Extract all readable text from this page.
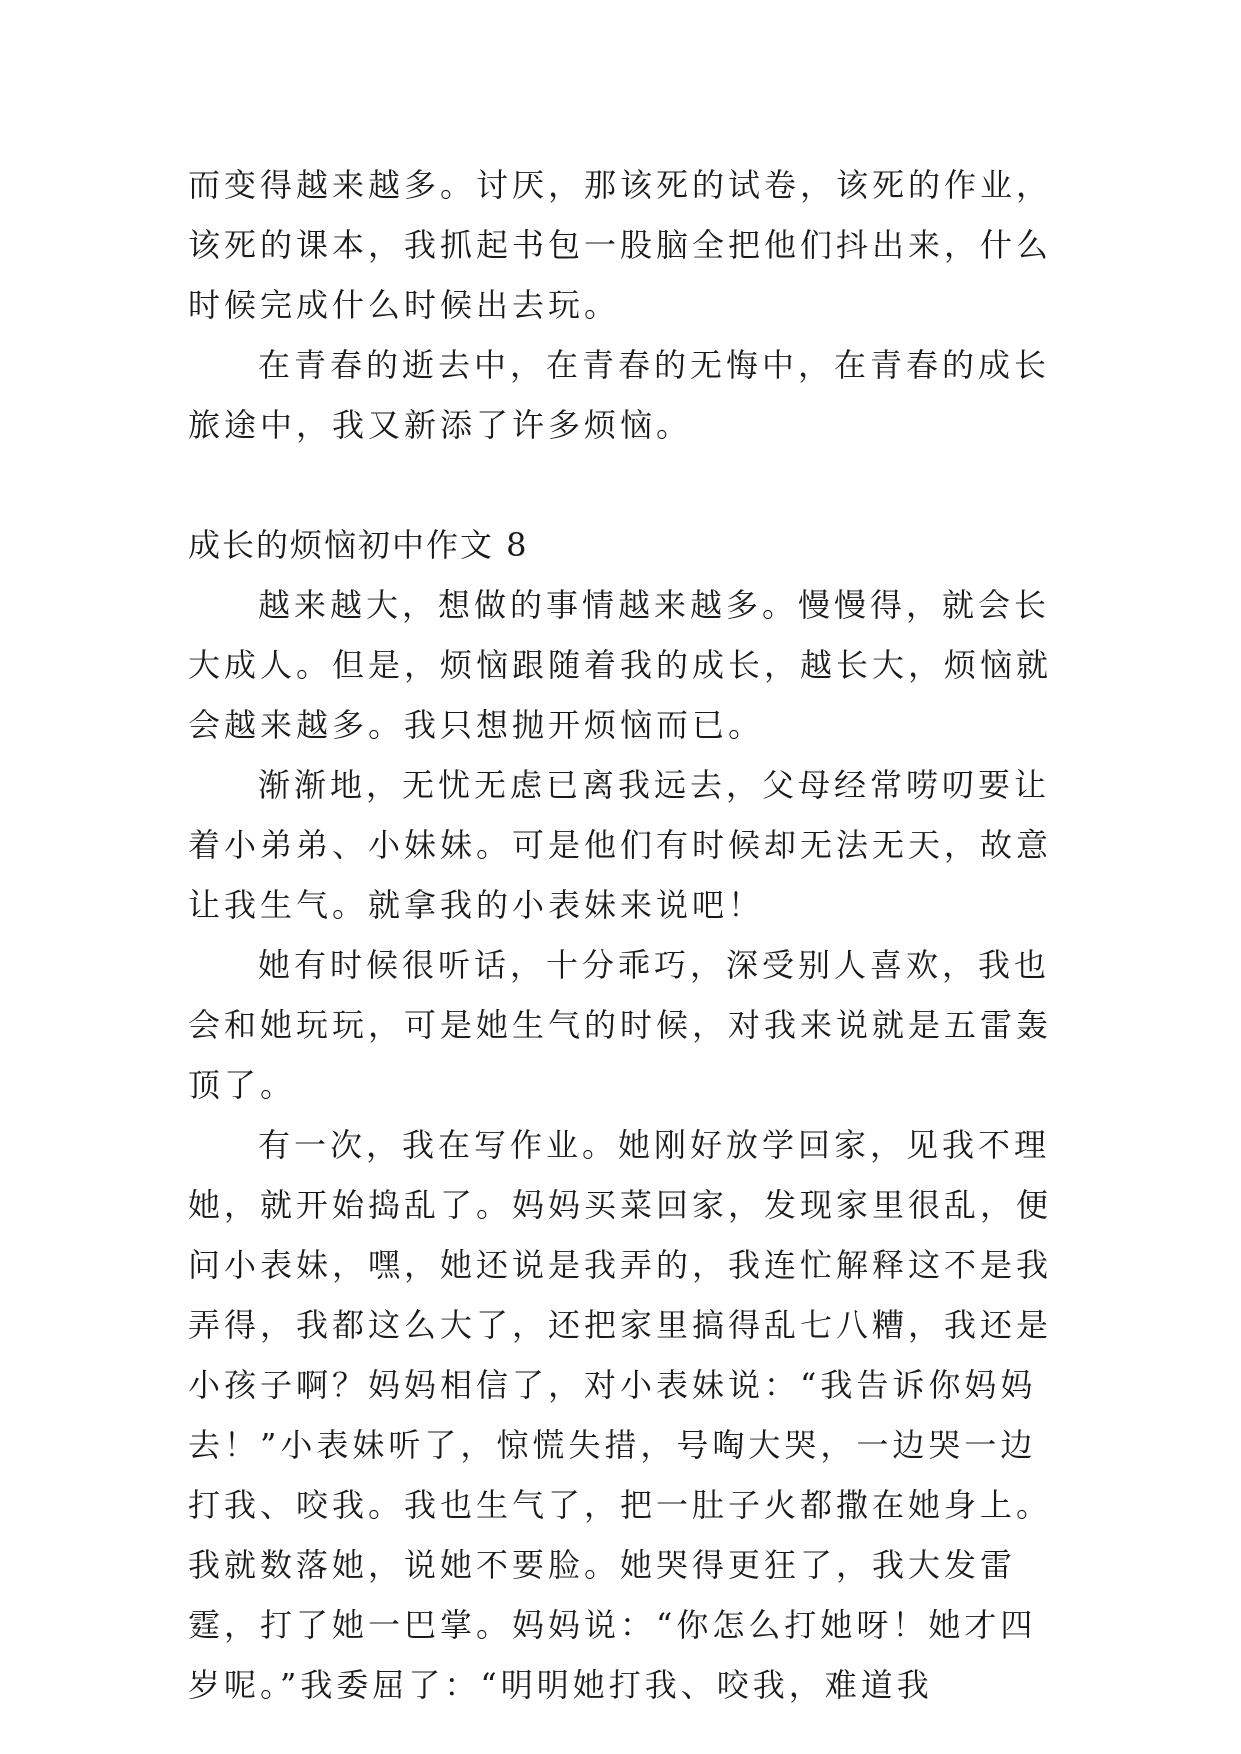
而变得越来越多。讨厌，那该死的试卷，该死的作业，该死的课本，我抓起书包一股脑全把他们抖出来，什么时候完成什么时候出去玩。

在青春的逝去中，在青春的无悔中，在青春的成长旅途中，我又新添了许多烦恼。

成长的烦恼初中作文 8

越来越大，想做的事情越来越多。慢慢得，就会长大成人。但是，烦恼跟随着我的成长，越长大，烦恼就会越来越多。我只想抛开烦恼而已。

渐渐地，无忧无虑已离我远去，父母经常唠叨要让着小弟弟、小妹妹。可是他们有时候却无法无天，故意让我生气。就拿我的小表妹来说吧！

她有时候很听话，十分乖巧，深受别人喜欢，我也会和她玩玩，可是她生气的时候，对我来说就是五雷轰顶了。

有一次，我在写作业。她刚好放学回家，见我不理她，就开始捣乱了。妈妈买菜回家，发现家里很乱，便问小表妹，嘿，她还说是我弄的，我连忙解释这不是我弄得，我都这么大了，还把家里搞得乱七八糟，我还是小孩子啊？妈妈相信了，对小表妹说：“我告诉你妈妈去！”小表妹听了，惊慌失措，号啕大哭，一边哭一边打我、咬我。我也生气了，把一肚子火都撒在她身上。我就数落她，说她不要脸。她哭得更狂了，我大发雷霆，打了她一巴掌。妈妈说：“你怎么打她呀！她才四岁呢。”我委屈了：“明明她打我、咬我，难道我
